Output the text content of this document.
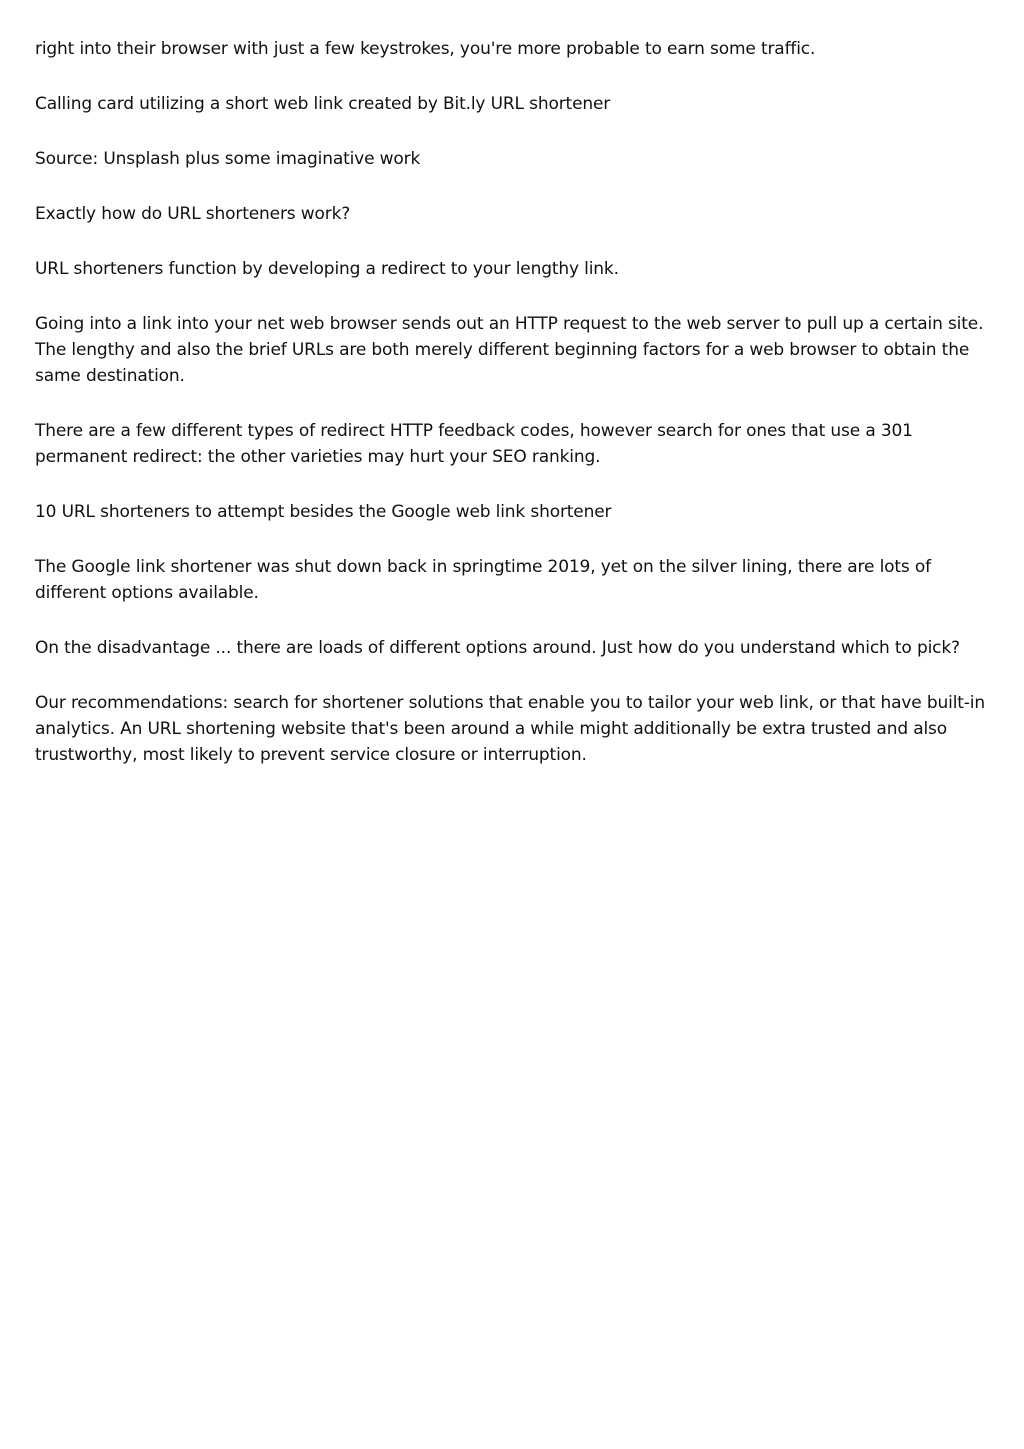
right into their browser with just a few keystrokes, you're more probable to earn some traffic.

Calling card utilizing a short web link created by Bit.ly URL shortener

Source: Unsplash plus some imaginative work

Exactly how do URL shorteners work?

URL shorteners function by developing a redirect to your lengthy link.

Going into a link into your net web browser sends out an HTTP request to the web server to pull up a certain site. The lengthy and also the brief URLs are both merely different beginning factors for a web browser to obtain the same destination.

There are a few different types of redirect HTTP feedback codes, however search for ones that use a 301 permanent redirect: the other varieties may hurt your SEO ranking.

10 URL shorteners to attempt besides the Google web link shortener

The Google link shortener was shut down back in springtime 2019, yet on the silver lining, there are lots of different options available.

On the disadvantage ... there are loads of different options around. Just how do you understand which to pick?

Our recommendations: search for shortener solutions that enable you to tailor your web link, or that have built-in analytics. An URL shortening website that's been around a while might additionally be extra trusted and also trustworthy, most likely to prevent service closure or interruption.
